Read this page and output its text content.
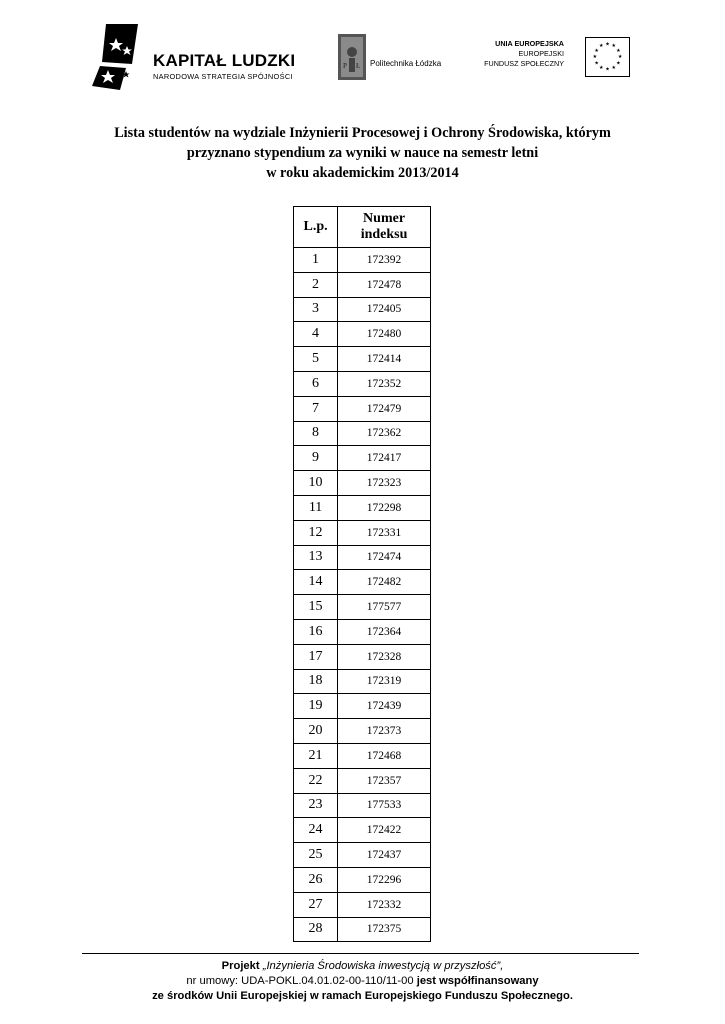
KAPITAŁ LUDZKI
NARODOWA STRATEGIA SPÓJNOŚCI
P Ł Politechnika Łódzka
UNIA EUROPEJSKA
EUROPEJSKI
FUNDUSZ SPOŁECZNY
★ ★
★
★
★
★
★
★
★
★
★
★
Lista studentów na wydziale Inżynierii Procesowej i Ochrony Środowiska, którym
przyznano stypendium za wyniki w nauce na semestr letni
w roku akademickim 2013/2014
L.p.	Numer
indeksu

1	172392
2	172478
3	172405
4	172480
5	172414
6	172352
7	172479
8	172362
9	172417
10	172323
11	172298
12	172331
13	172474
14	172482
15	177577
16	172364
17	172328
18	172319
19	172439
20	172373
21	172468
22	172357
23	177533
24	172422
25	172437
26	172296
27	172332
28	172375
Projekt „Inżynieria Środowiska inwestycją w przyszłość”,
nr umowy: UDA-POKL.04.01.02-00-110/11-00 jest współfinansowany
ze środków Unii Europejskiej w ramach Europejskiego Funduszu Społecznego.
